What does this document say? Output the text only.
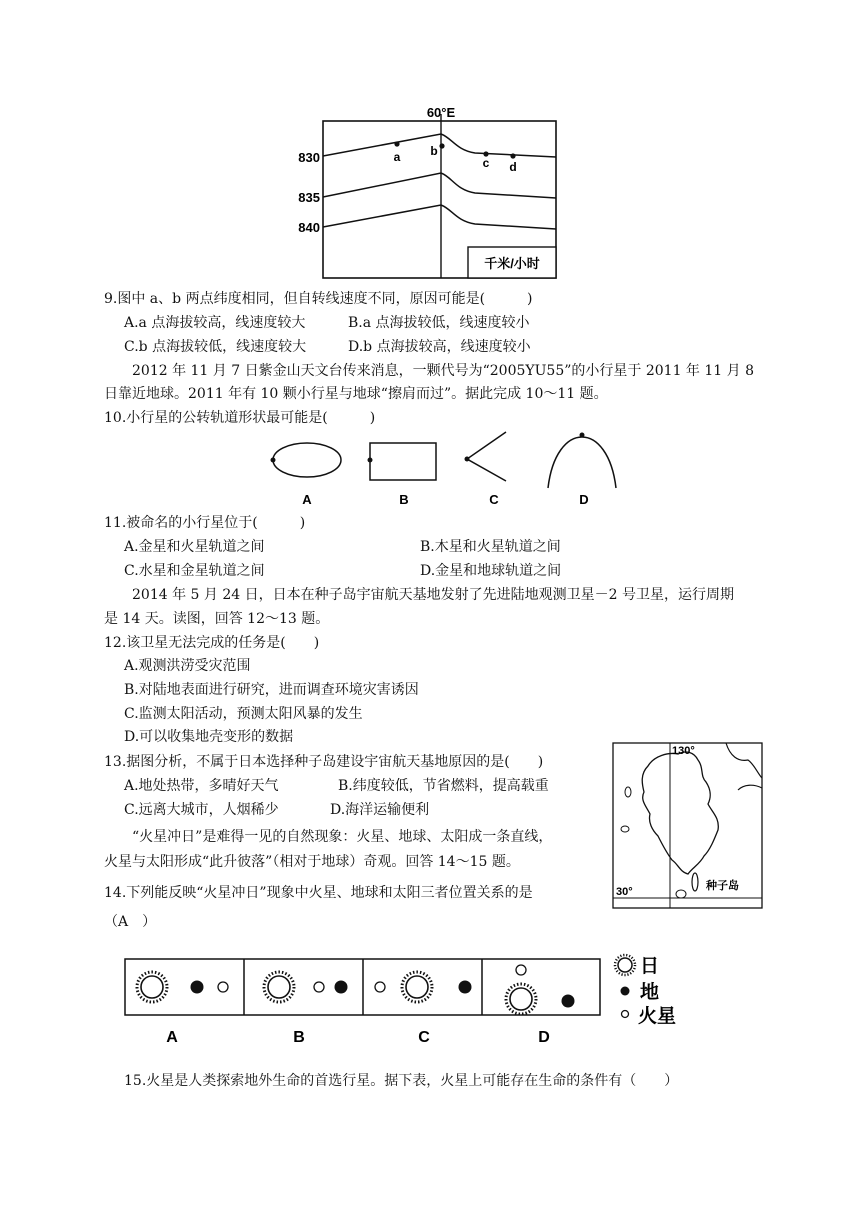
60°E
830
835
840
a b
c d
千米/小时
9.图中 a、b 两点纬度相同，但自转线速度不同，原因可能是(　　　)
A.a 点海拔较高，线速度较大	B.a 点海拔较低，线速度较小
C.b 点海拔较低，线速度较大	D.b 点海拔较高，线速度较小
2012 年 11 月 7 日紫金山天文台传来消息，一颗代号为“2005YU55”的小行星于 2011 年 11 月 8
日靠近地球。2011 年有 10 颗小行星与地球“擦肩而过”。据此完成 10～11 题。
10.小行星的公转轨道形状最可能是(　　　)
A	B	C	D
11.被命名的小行星位于(　　　)
A.金星和火星轨道之间	B.木星和火星轨道之间
C.水星和金星轨道之间	D.金星和地球轨道之间
2014 年 5 月 24 日，日本在种子岛宇宙航天基地发射了先进陆地观测卫星－2 号卫星，运行周期
是 14 天。读图，回答 12～13 题。
12.该卫星无法完成的任务是(　　)
A.观测洪涝受灾范围
B.对陆地表面进行研究，进而调查环境灾害诱因
C.监测太阳活动，预测太阳风暴的发生
D.可以收集地壳变形的数据
13.据图分析，不属于日本选择种子岛建设宇宙航天基地原因的是(　　)
A.地处热带，多晴好天气	B.纬度较低，节省燃料，提高载重
C.远离大城市，人烟稀少	D.海洋运输便利
130°
30°	种子岛
“火星冲日”是难得一见的自然现象：火星、地球、太阳成一条直线，
火星与太阳形成“此升彼落”（相对于地球）奇观。回答 14～15 题。
14.下列能反映“火星冲日”现象中火星、地球和太阳三者位置关系的是
（A　）
A	B	C	D
日
地
火星
15.火星是人类探索地外生命的首选行星。据下表，火星上可能存在生命的条件有（　　）
